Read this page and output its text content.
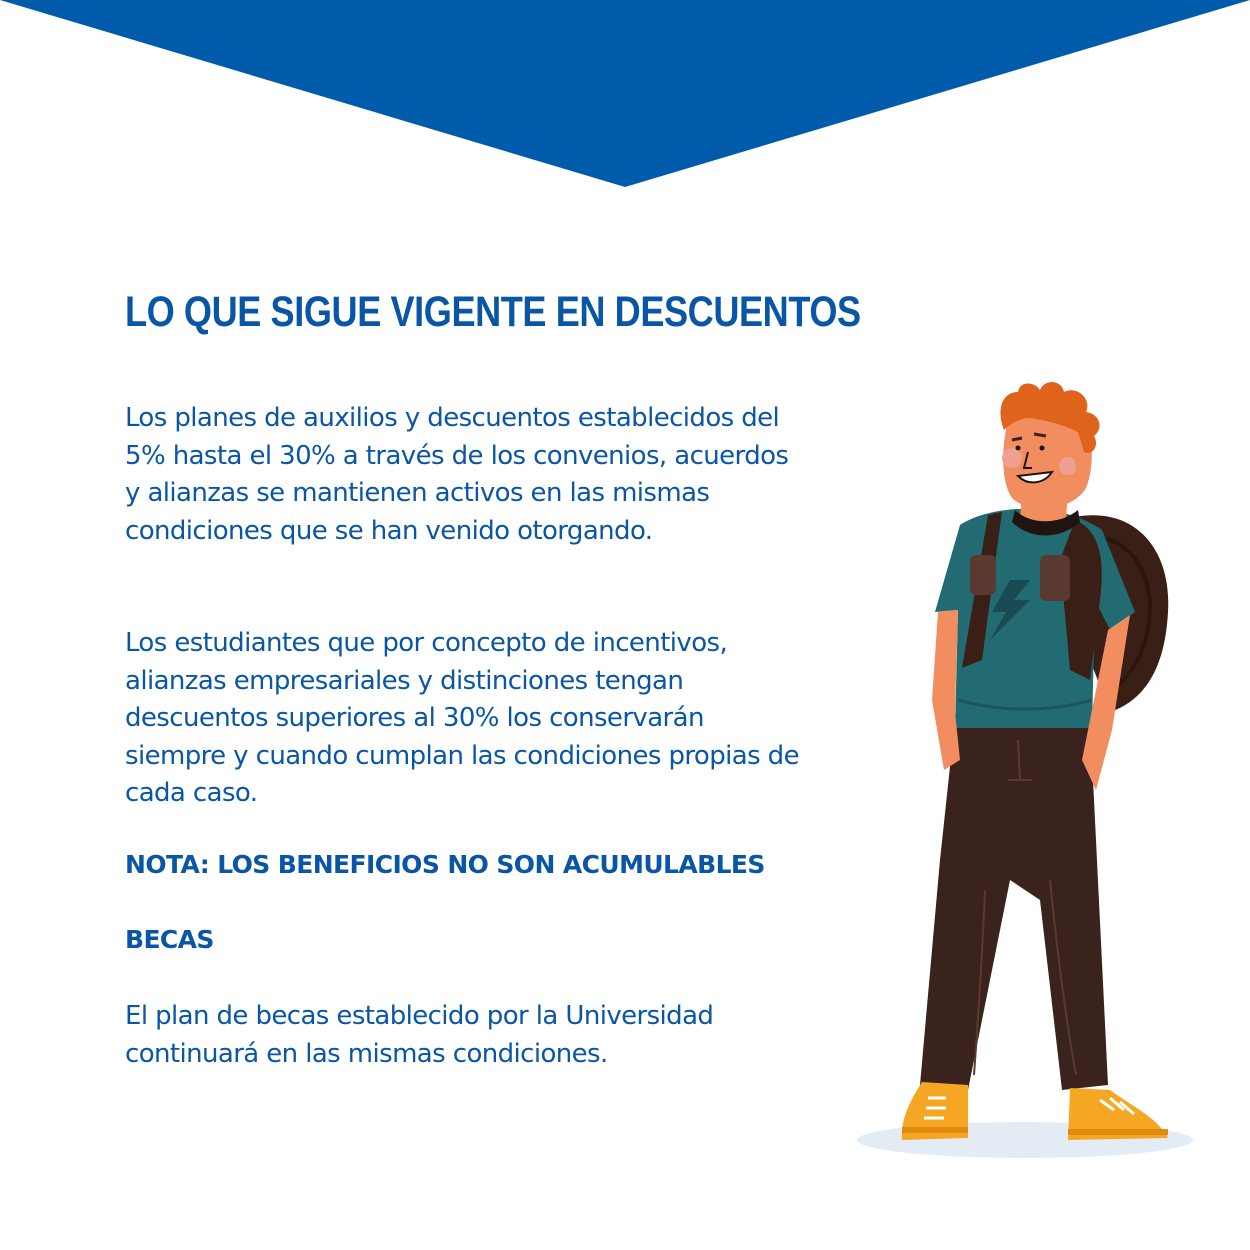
LO QUE SIGUE VIGENTE EN DESCUENTOS

Los planes de auxilios y descuentos establecidos del 5% hasta el 30% a través de los convenios, acuerdos y alianzas se mantienen activos en las mismas condiciones que se han venido otorgando.

Los estudiantes que por concepto de incentivos, alianzas empresariales y distinciones tengan descuentos superiores al 30% los conservarán siempre y cuando cumplan las condiciones propias de cada caso.

NOTA: LOS BENEFICIOS NO SON ACUMULABLES

BECAS

El plan de becas establecido por la Universidad continuará en las mismas condiciones.
